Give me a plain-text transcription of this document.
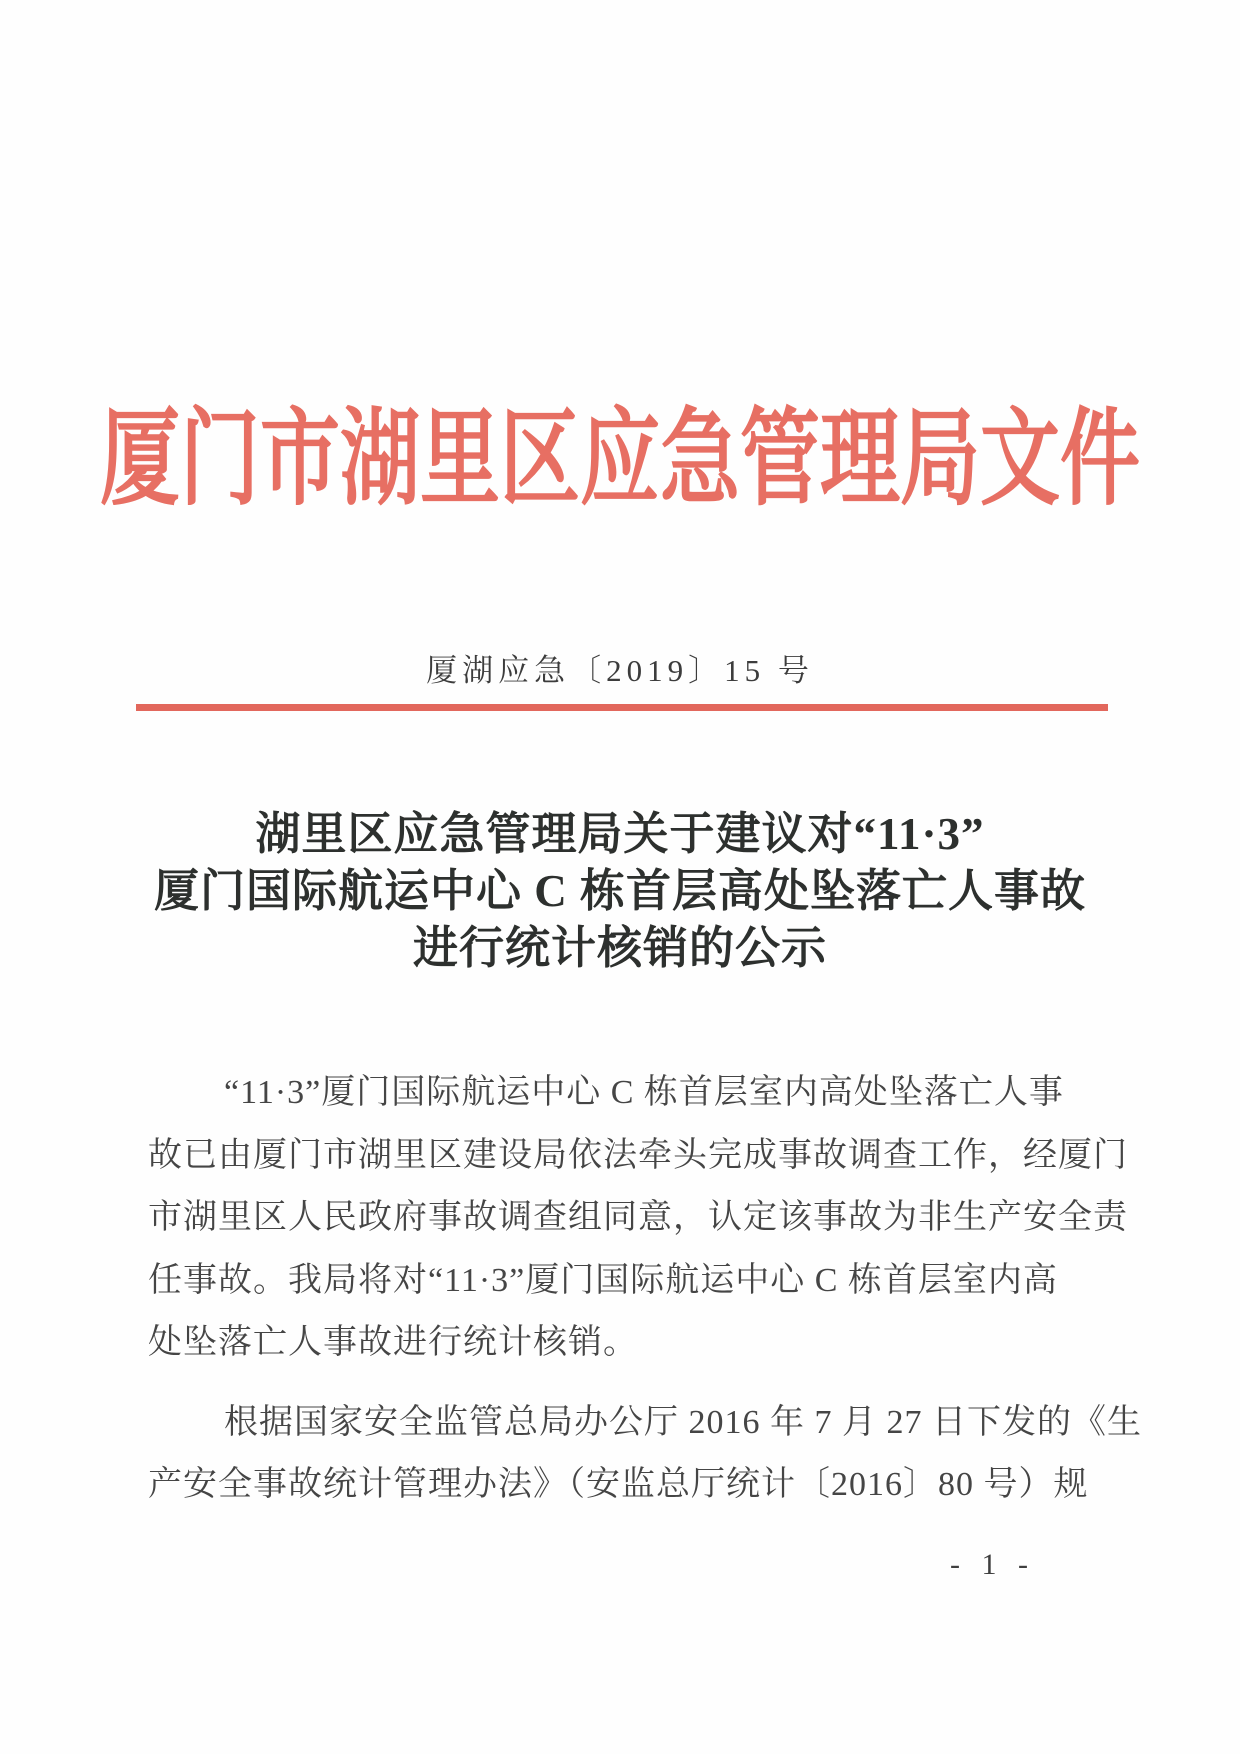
厦门市湖里区应急管理局文件
厦湖应急〔2019〕15 号
湖里区应急管理局关于建议对“11·3”
厦门国际航运中心 C 栋首层高处坠落亡人事故
进行统计核销的公示
“11·3”厦门国际航运中心 C 栋首层室内高处坠落亡人事
故已由厦门市湖里区建设局依法牵头完成事故调查工作，经厦门
市湖里区人民政府事故调查组同意，认定该事故为非生产安全责
任事故。我局将对“11·3”厦门国际航运中心 C 栋首层室内高
处坠落亡人事故进行统计核销。
根据国家安全监管总局办公厅 2016 年 7 月 27 日下发的《生
产安全事故统计管理办法》（安监总厅统计〔2016〕80 号）规
- 1 -
